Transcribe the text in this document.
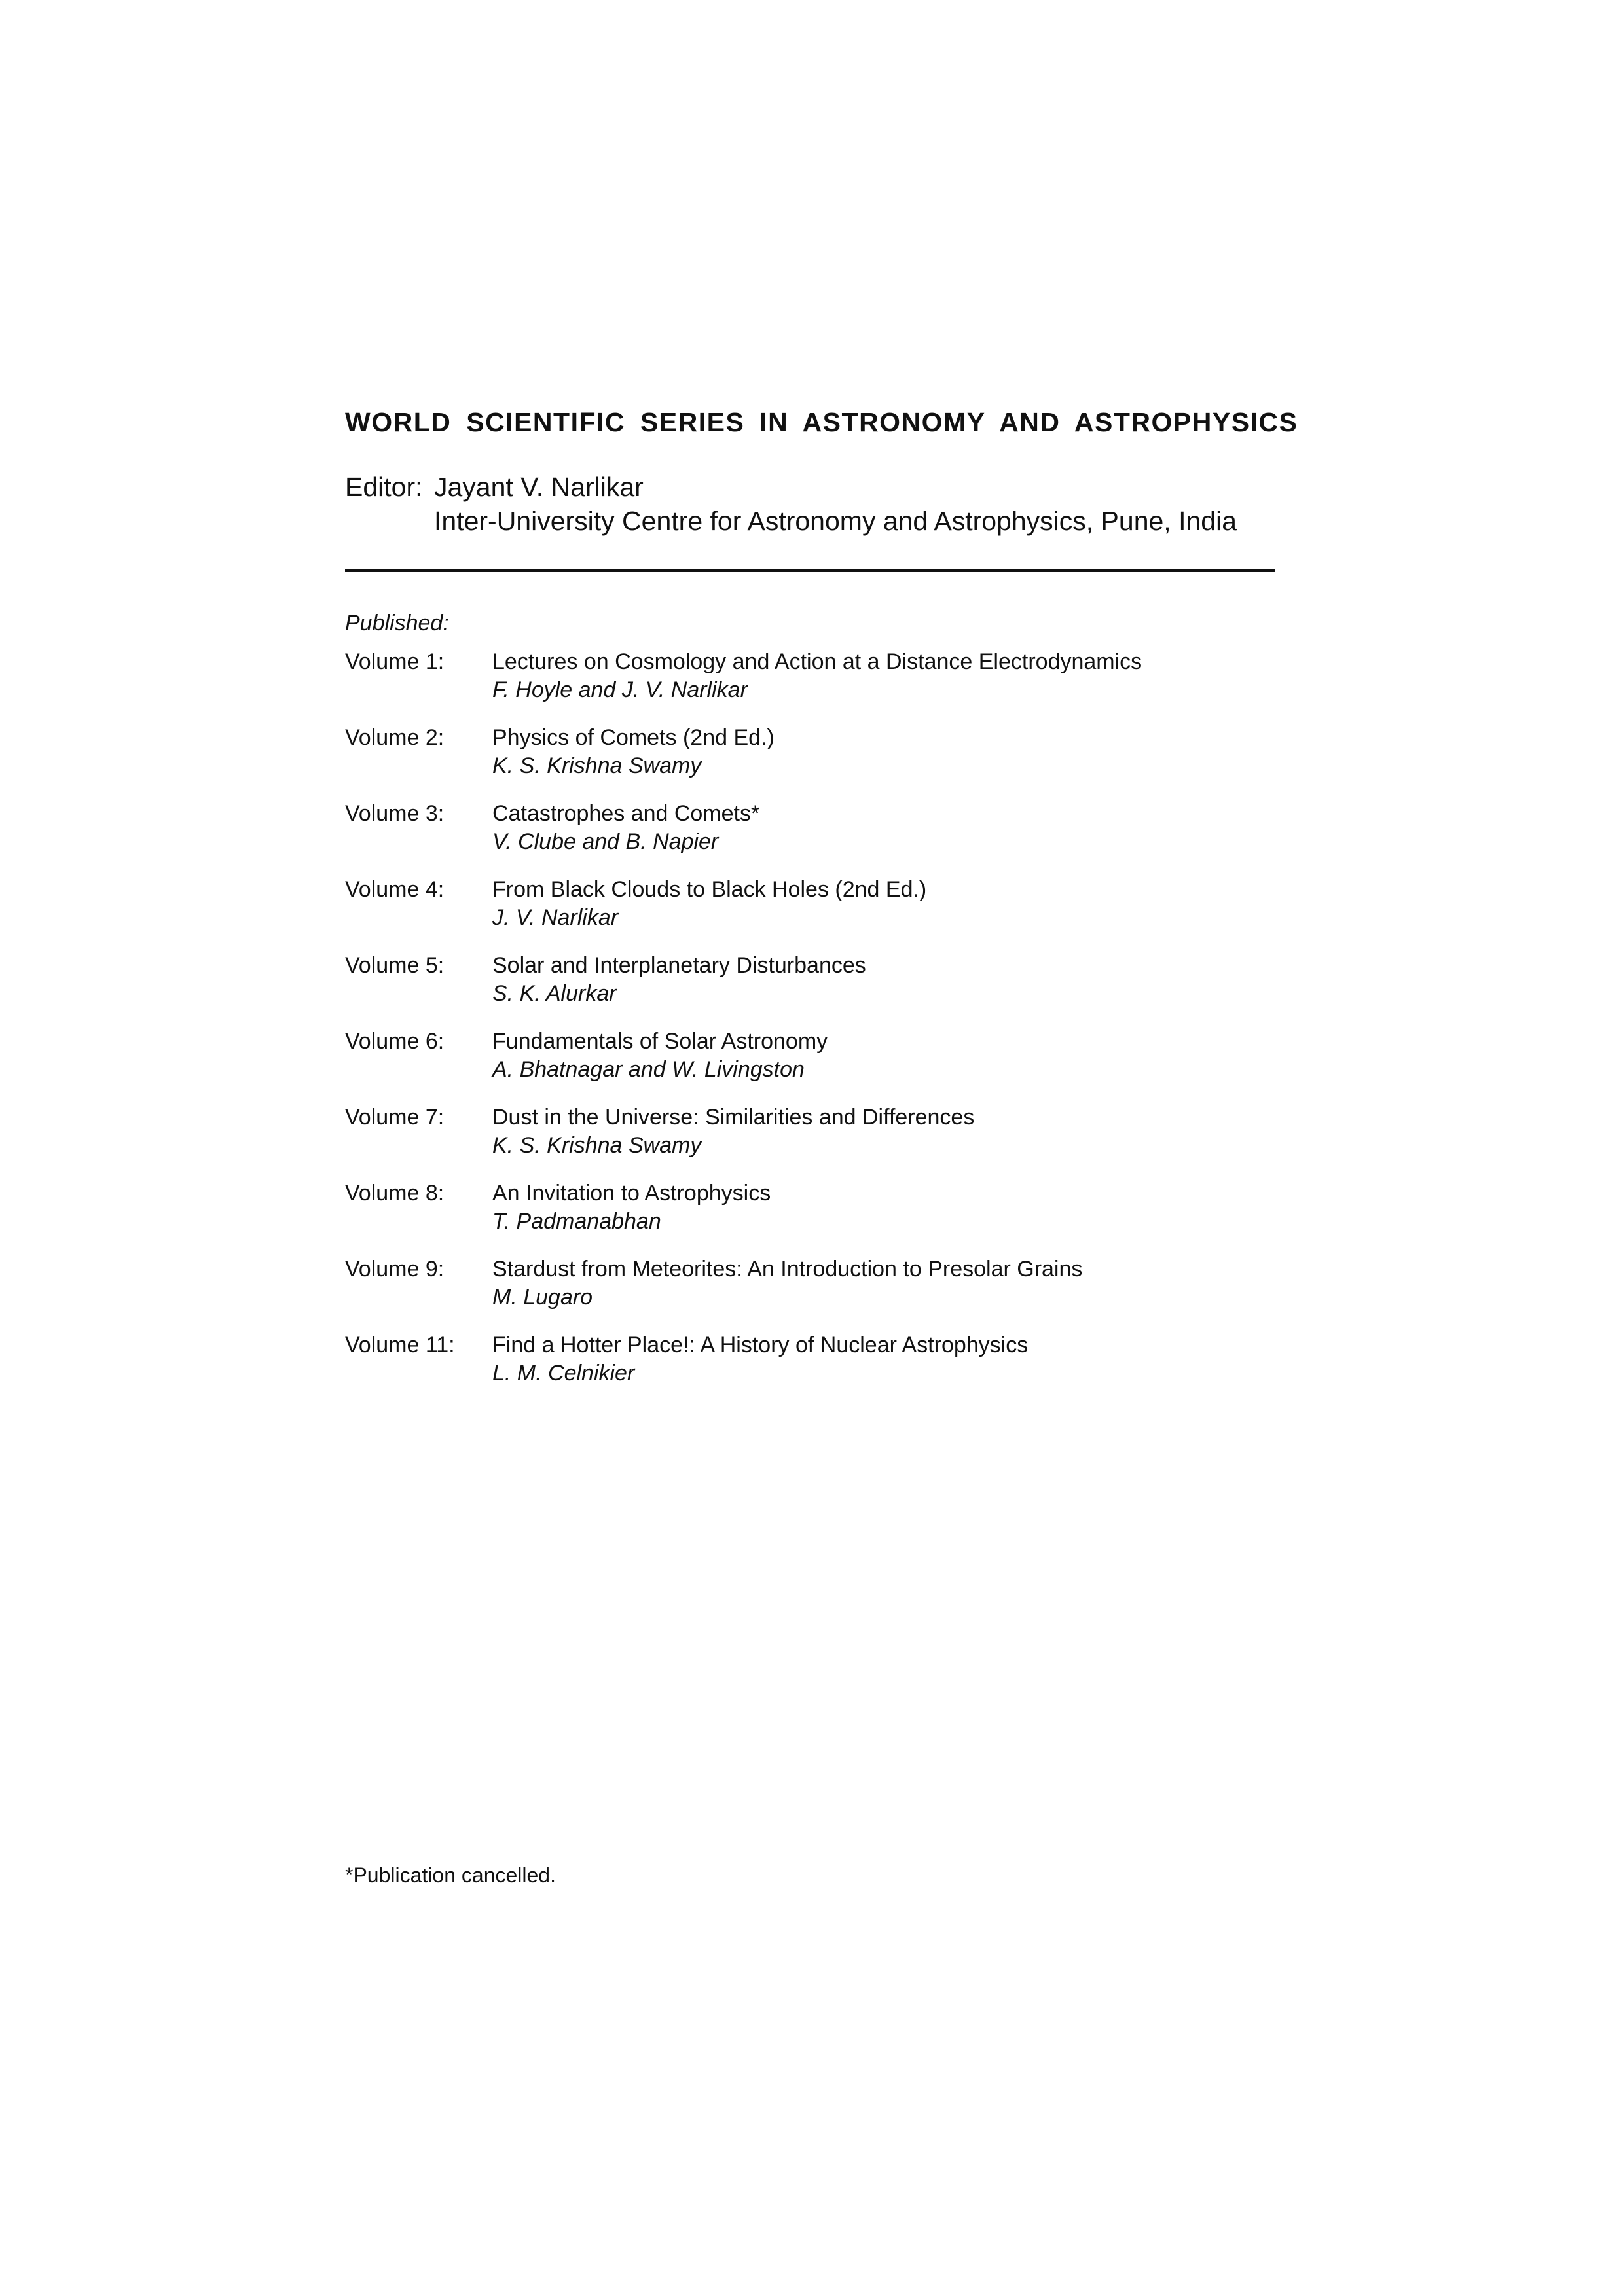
WORLD SCIENTIFIC SERIES IN ASTRONOMY AND ASTROPHYSICS
Editor: Jayant V. Narlikar
Inter-University Centre for Astronomy and Astrophysics, Pune, India
Published:
Volume 1:	Lectures on Cosmology and Action at a Distance Electrodynamics
F. Hoyle and J. V. Narlikar
Volume 2:	Physics of Comets (2nd Ed.)
K. S. Krishna Swamy
Volume 3:	Catastrophes and Comets*
V. Clube and B. Napier
Volume 4:	From Black Clouds to Black Holes (2nd Ed.)
J. V. Narlikar
Volume 5:	Solar and Interplanetary Disturbances
S. K. Alurkar
Volume 6:	Fundamentals of Solar Astronomy
A. Bhatnagar and W. Livingston
Volume 7:	Dust in the Universe: Similarities and Differences
K. S. Krishna Swamy
Volume 8:	An Invitation to Astrophysics
T. Padmanabhan
Volume 9:	Stardust from Meteorites: An Introduction to Presolar Grains
M. Lugaro
Volume 11:	Find a Hotter Place!: A History of Nuclear Astrophysics
L. M. Celnikier
*Publication cancelled.
